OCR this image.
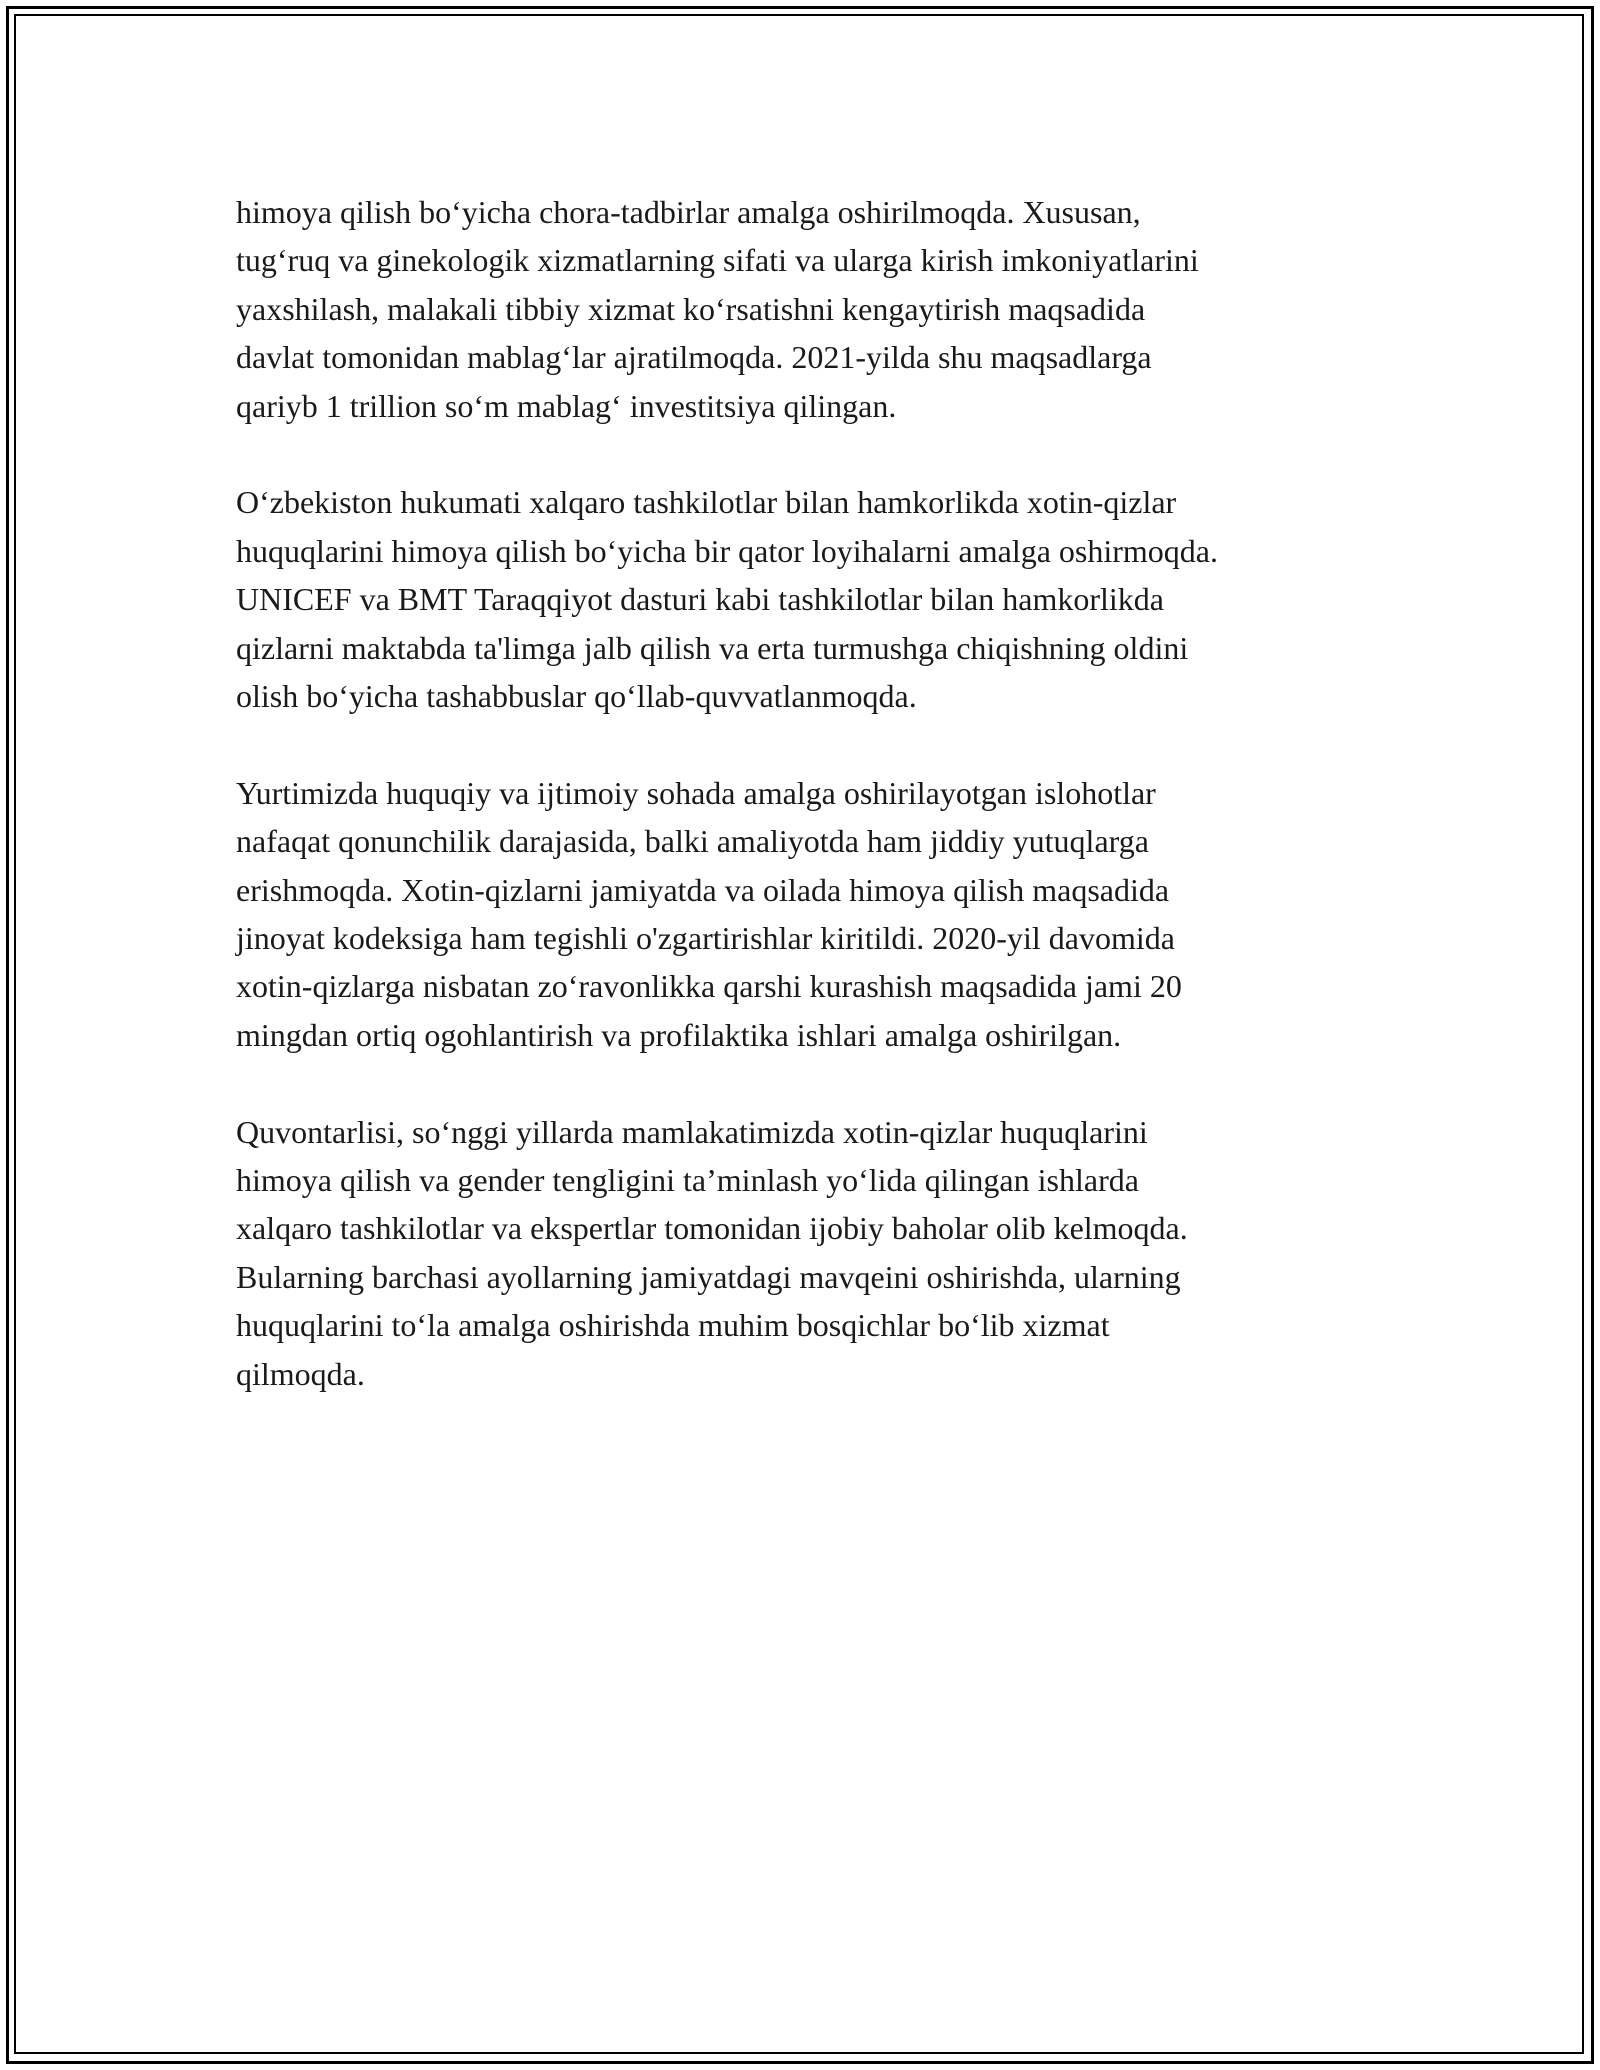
himoya qilish bo‘yicha chora-tadbirlar amalga oshirilmoqda. Xususan,
tug‘ruq va ginekologik xizmatlarning sifati va ularga kirish imkoniyatlarini
yaxshilash, malakali tibbiy xizmat ko‘rsatishni kengaytirish maqsadida
davlat tomonidan mablag‘lar ajratilmoqda. 2021-yilda shu maqsadlarga
qariyb 1 trillion so‘m mablag‘ investitsiya qilingan.

O‘zbekiston hukumati xalqaro tashkilotlar bilan hamkorlikda xotin-qizlar
huquqlarini himoya qilish bo‘yicha bir qator loyihalarni amalga oshirmoqda.
UNICEF va BMT Taraqqiyot dasturi kabi tashkilotlar bilan hamkorlikda
qizlarni maktabda ta'limga jalb qilish va erta turmushga chiqishning oldini
olish bo‘yicha tashabbuslar qo‘llab-quvvatlanmoqda.

Yurtimizda huquqiy va ijtimoiy sohada amalga oshirilayotgan islohotlar
nafaqat qonunchilik darajasida, balki amaliyotda ham jiddiy yutuqlarga
erishmoqda. Xotin-qizlarni jamiyatda va oilada himoya qilish maqsadida
jinoyat kodeksiga ham tegishli o'zgartirishlar kiritildi. 2020-yil davomida
xotin-qizlarga nisbatan zo‘ravonlikka qarshi kurashish maqsadida jami 20
mingdan ortiq ogohlantirish va profilaktika ishlari amalga oshirilgan.

Quvontarlisi, so‘nggi yillarda mamlakatimizda xotin-qizlar huquqlarini
himoya qilish va gender tengligini ta’minlash yo‘lida qilingan ishlarda
xalqaro tashkilotlar va ekspertlar tomonidan ijobiy baholar olib kelmoqda.
Bularning barchasi ayollarning jamiyatdagi mavqeini oshirishda, ularning
huquqlarini to‘la amalga oshirishda muhim bosqichlar bo‘lib xizmat
qilmoqda.
